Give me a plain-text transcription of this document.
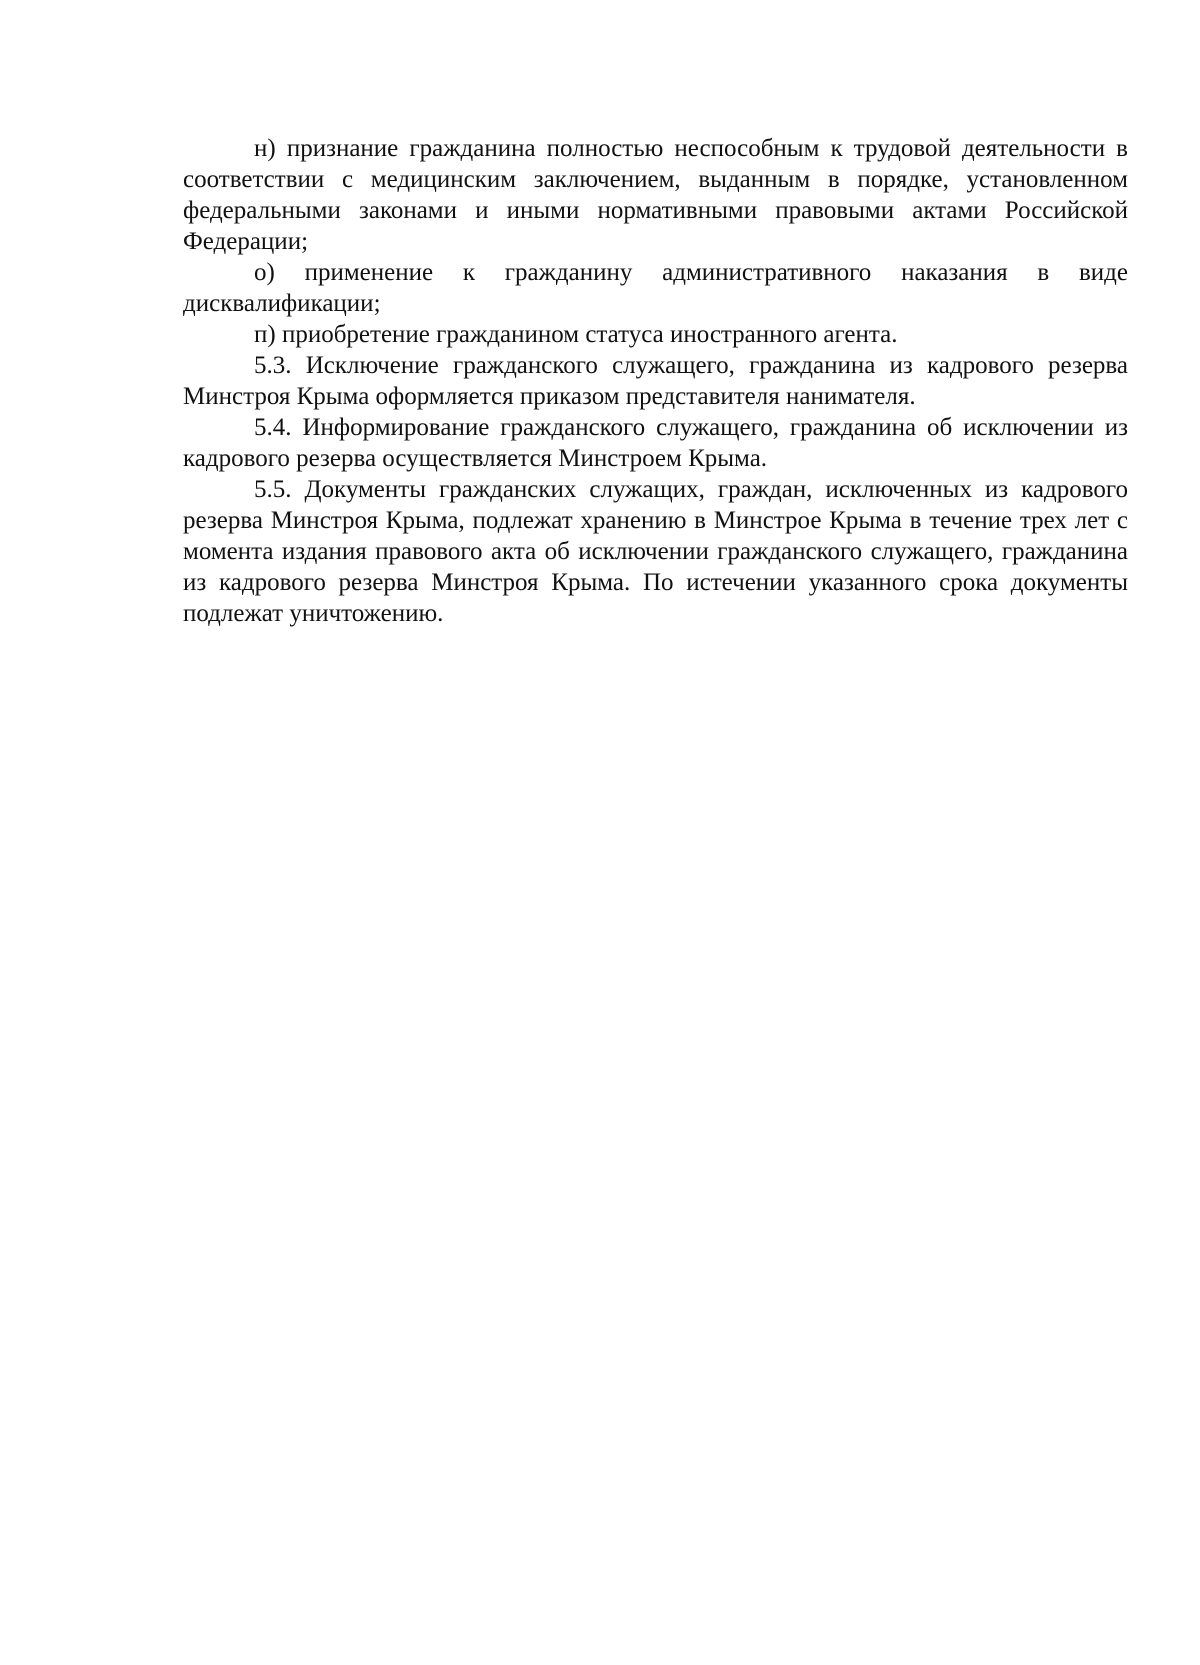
н) признание гражданина полностью неспособным к трудовой деятельности в соответствии с медицинским заключением, выданным в порядке, установленном федеральными законами и иными нормативными правовыми актами Российской Федерации;

о) применение к гражданину административного наказания в виде дисквалификации;

п) приобретение гражданином статуса иностранного агента.

5.3. Исключение гражданского служащего, гражданина из кадрового резерва Минстроя Крыма оформляется приказом представителя нанимателя.

5.4. Информирование гражданского служащего, гражданина об исключении из кадрового резерва осуществляется Минстроем Крыма.

5.5. Документы гражданских служащих, граждан, исключенных из кадрового резерва Минстроя Крыма, подлежат хранению в Минстрое Крыма в течение трех лет с момента издания правового акта об исключении гражданского служащего, гражданина из кадрового резерва Минстроя Крыма. По истечении указанного срока документы подлежат уничтожению.
